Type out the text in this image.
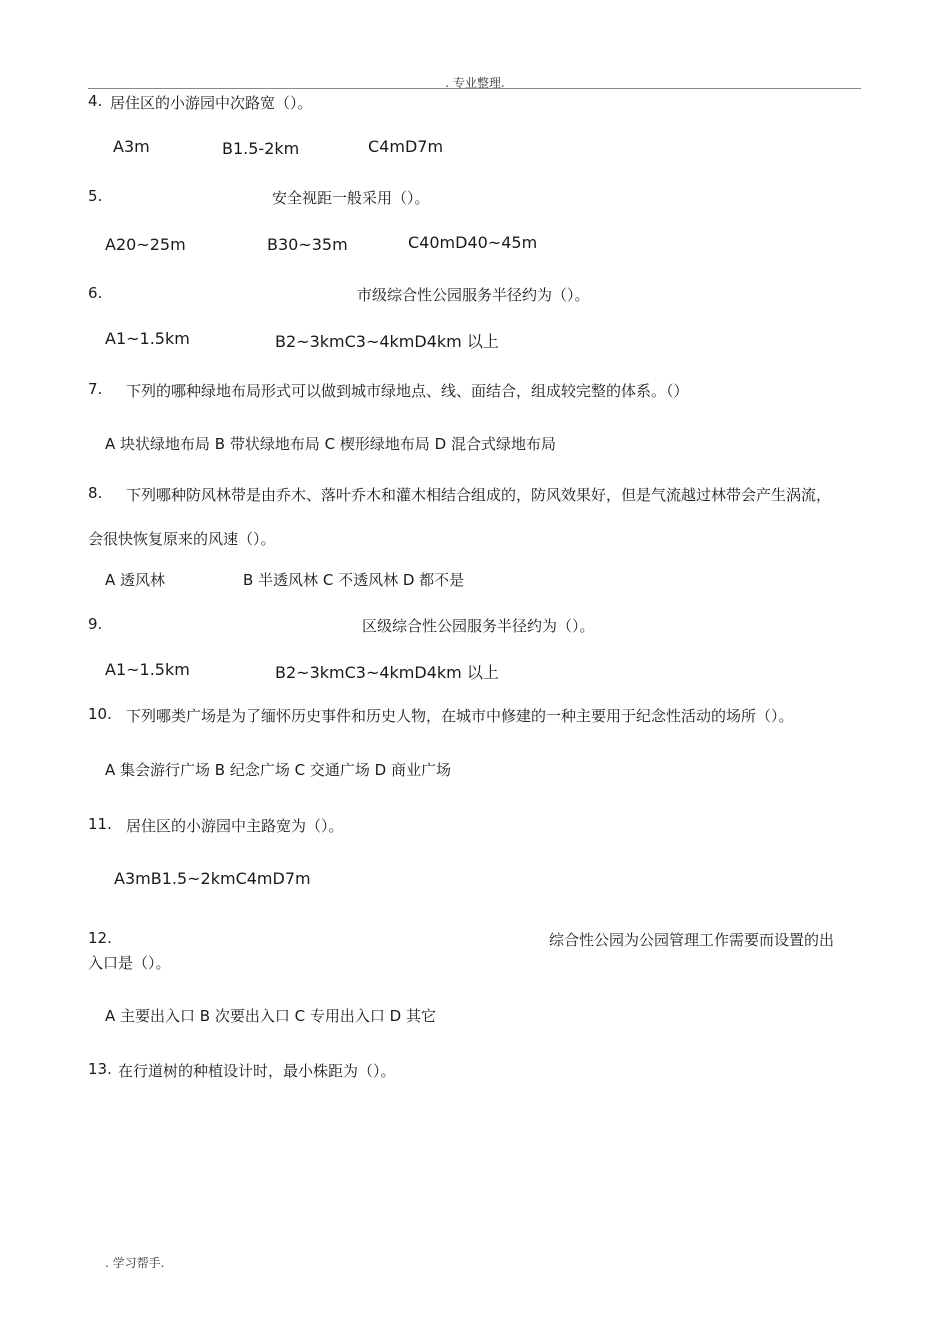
. 专业整理.
4. 居住区的小游园中次路宽（）。
A3m	B1.5-2km	C4mD7m
5.	安全视距一般采用（）。
A20~25m	B30~35m	C40mD40~45m
6.	市级综合性公园服务半径约为（）。
A1~1.5km	B2~3kmC3~4kmD4km 以上
7. 下列的哪种绿地布局形式可以做到城市绿地点、线、面结合，组成较完整的体系。（）
A 块状绿地布局 B 带状绿地布局 C 楔形绿地布局 D 混合式绿地布局
8. 下列哪种防风林带是由乔木、落叶乔木和灌木相结合组成的，防风效果好，但是气流越过林带会产生涡流，
会很快恢复原来的风速（）。
A 透风林	B 半透风林 C 不透风林 D 都不是
9.	区级综合性公园服务半径约为（）。
A1~1.5km	B2~3kmC3~4kmD4km 以上
10. 下列哪类广场是为了缅怀历史事件和历史人物，在城市中修建的一种主要用于纪念性活动的场所（）。
A 集会游行广场 B 纪念广场 C 交通广场 D 商业广场
11. 居住区的小游园中主路宽为（）。
A3mB1.5~2kmC4mD7m
12.	综合性公园为公园管理工作需要而设置的出
入口是（）。
A 主要出入口 B 次要出入口 C 专用出入口 D 其它
13. 在行道树的种植设计时，最小株距为（）。
. 学习帮手.
